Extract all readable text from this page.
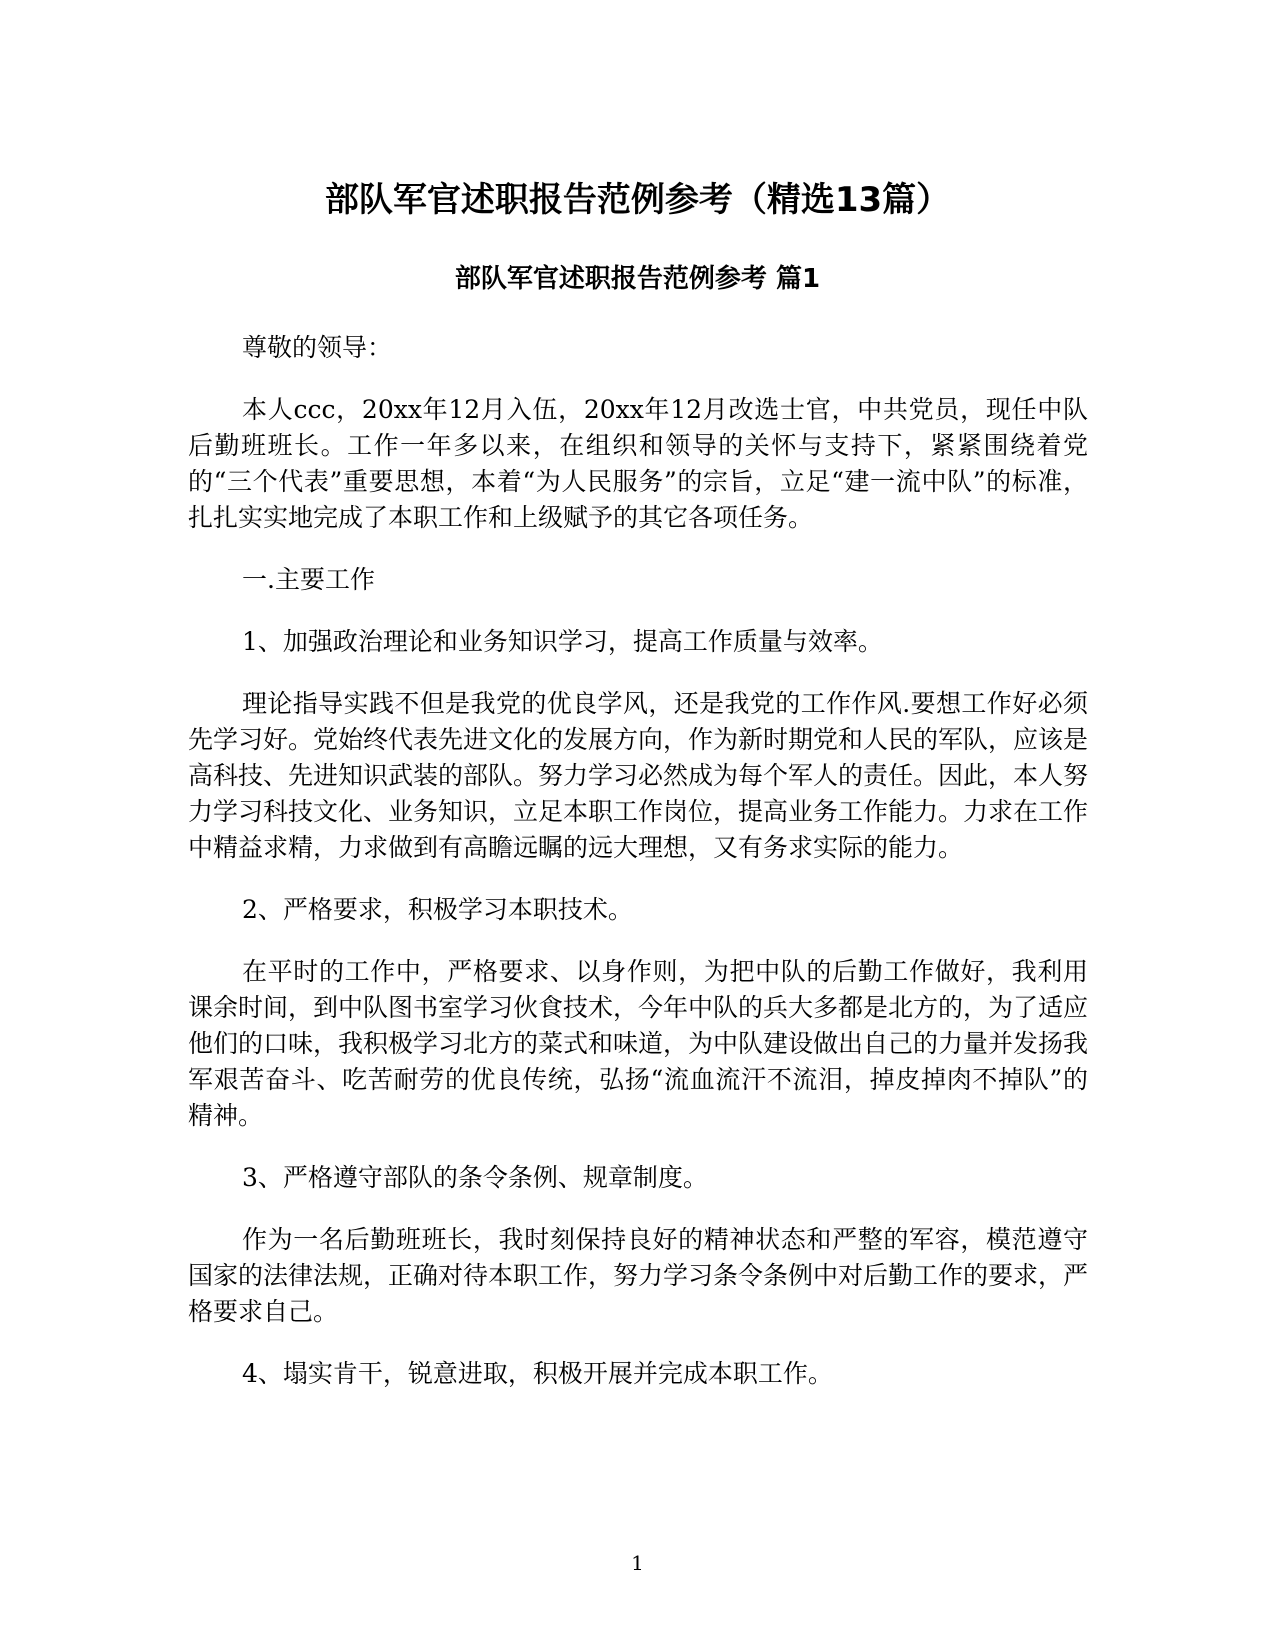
部队军官述职报告范例参考（精选13篇）
部队军官述职报告范例参考 篇1

尊敬的领导：

本人ccc，20xx年12月入伍，20xx年12月改选士官，中共党员，现任中队后勤班班长。工作一年多以来，在组织和领导的关怀与支持下，紧紧围绕着党的“三个代表”重要思想，本着“为人民服务”的宗旨，立足“建一流中队”的标准，扎扎实实地完成了本职工作和上级赋予的其它各项任务。

一.主要工作

1、加强政治理论和业务知识学习，提高工作质量与效率。

理论指导实践不但是我党的优良学风，还是我党的工作作风.要想工作好必须先学习好。党始终代表先进文化的发展方向，作为新时期党和人民的军队，应该是高科技、先进知识武装的部队。努力学习必然成为每个军人的责任。因此，本人努力学习科技文化、业务知识，立足本职工作岗位，提高业务工作能力。力求在工作中精益求精，力求做到有高瞻远瞩的远大理想，又有务求实际的能力。

2、严格要求，积极学习本职技术。

在平时的工作中，严格要求、以身作则，为把中队的后勤工作做好，我利用课余时间，到中队图书室学习伙食技术，今年中队的兵大多都是北方的，为了适应他们的口味，我积极学习北方的菜式和味道，为中队建设做出自己的力量并发扬我军艰苦奋斗、吃苦耐劳的优良传统，弘扬“流血流汗不流泪，掉皮掉肉不掉队”的精神。

3、严格遵守部队的条令条例、规章制度。

作为一名后勤班班长，我时刻保持良好的精神状态和严整的军容，模范遵守国家的法律法规，正确对待本职工作，努力学习条令条例中对后勤工作的要求，严格要求自己。

4、塌实肯干，锐意进取，积极开展并完成本职工作。

1
